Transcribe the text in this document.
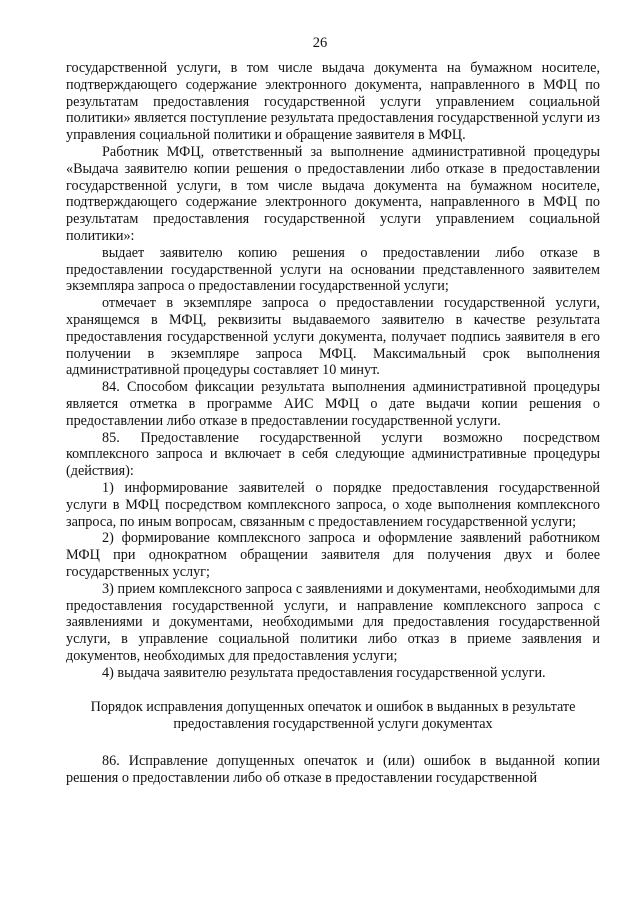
26

государственной услуги, в том числе выдача документа на бумажном носителе, подтверждающего содержание электронного документа, направленного в МФЦ по результатам предоставления государственной услуги управлением социальной политики» является поступление результата предоставления государственной услуги из управления социальной политики и обращение заявителя в МФЦ.

Работник МФЦ, ответственный за выполнение административной процедуры «Выдача заявителю копии решения о предоставлении либо отказе в предоставлении государственной услуги, в том числе выдача документа на бумажном носителе, подтверждающего содержание электронного документа, направленного в МФЦ по результатам предоставления государственной услуги управлением социальной политики»:

выдает заявителю копию решения о предоставлении либо отказе в предоставлении государственной услуги на основании представленного заявителем экземпляра запроса о предоставлении государственной услуги;

отмечает в экземпляре запроса о предоставлении государственной услуги, хранящемся в МФЦ, реквизиты выдаваемого заявителю в качестве результата предоставления государственной услуги документа, получает подпись заявителя в его получении в экземпляре запроса МФЦ. Максимальный срок выполнения административной процедуры составляет 10 минут.

84. Способом фиксации результата выполнения административной процедуры является отметка в программе АИС МФЦ о дате выдачи копии решения о предоставлении либо отказе в предоставлении государственной услуги.

85. Предоставление государственной услуги возможно посредством комплексного запроса и включает в себя следующие административные процедуры (действия):

1) информирование заявителей о порядке предоставления государственной услуги в МФЦ посредством комплексного запроса, о ходе выполнения комплексного запроса, по иным вопросам, связанным с предоставлением государственной услуги;

2) формирование комплексного запроса и оформление заявлений работником МФЦ при однократном обращении заявителя для получения двух и более государственных услуг;

3) прием комплексного запроса с заявлениями и документами, необходимыми для предоставления государственной услуги, и направление комплексного запроса с заявлениями и документами, необходимыми для предоставления государственной услуги, в управление социальной политики либо отказ в приеме заявления и документов, необходимых для предоставления услуги;

4) выдача заявителю результата предоставления государственной услуги.

Порядок исправления допущенных опечаток и ошибок в выданных в результате предоставления государственной услуги документах

86. Исправление допущенных опечаток и (или) ошибок в выданной копии решения о предоставлении либо об отказе в предоставлении государственной
